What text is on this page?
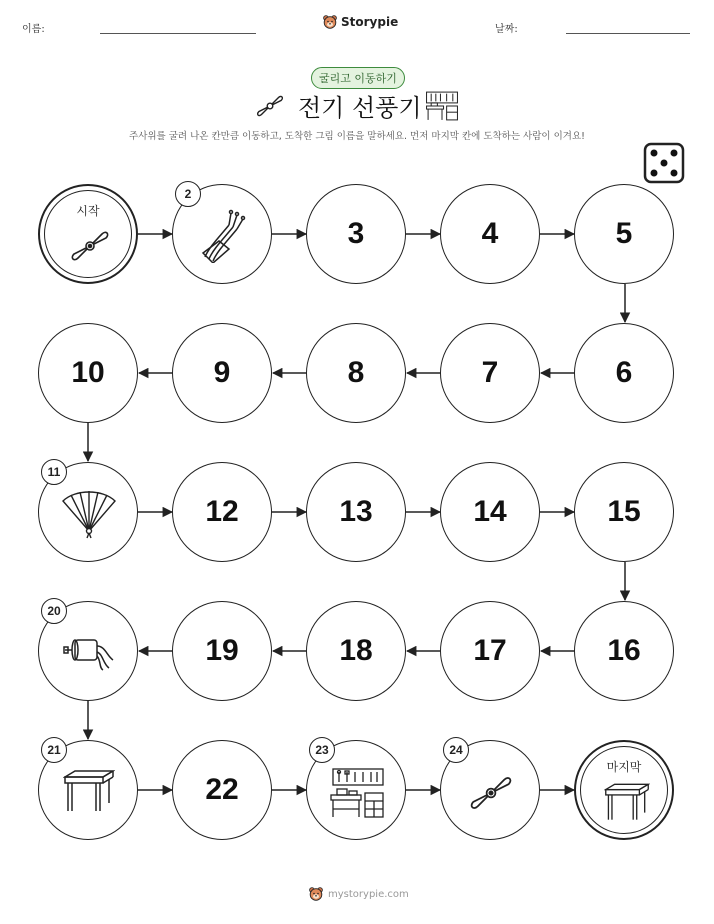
이름:
Storypie
날짜:
굴리고 이동하기
전기 선풍기
주사위를 굴려 나온 칸만큼 이동하고, 도착한 그림 이름을 말하세요. 먼저 마지막 칸에 도착하는 사람이 이겨요!
시작
2
3	4	5
6
7
8
9
10
11
12	13	14	15
16
17
18
19
20
21
22
23	24
마지막
mystorypie.com
